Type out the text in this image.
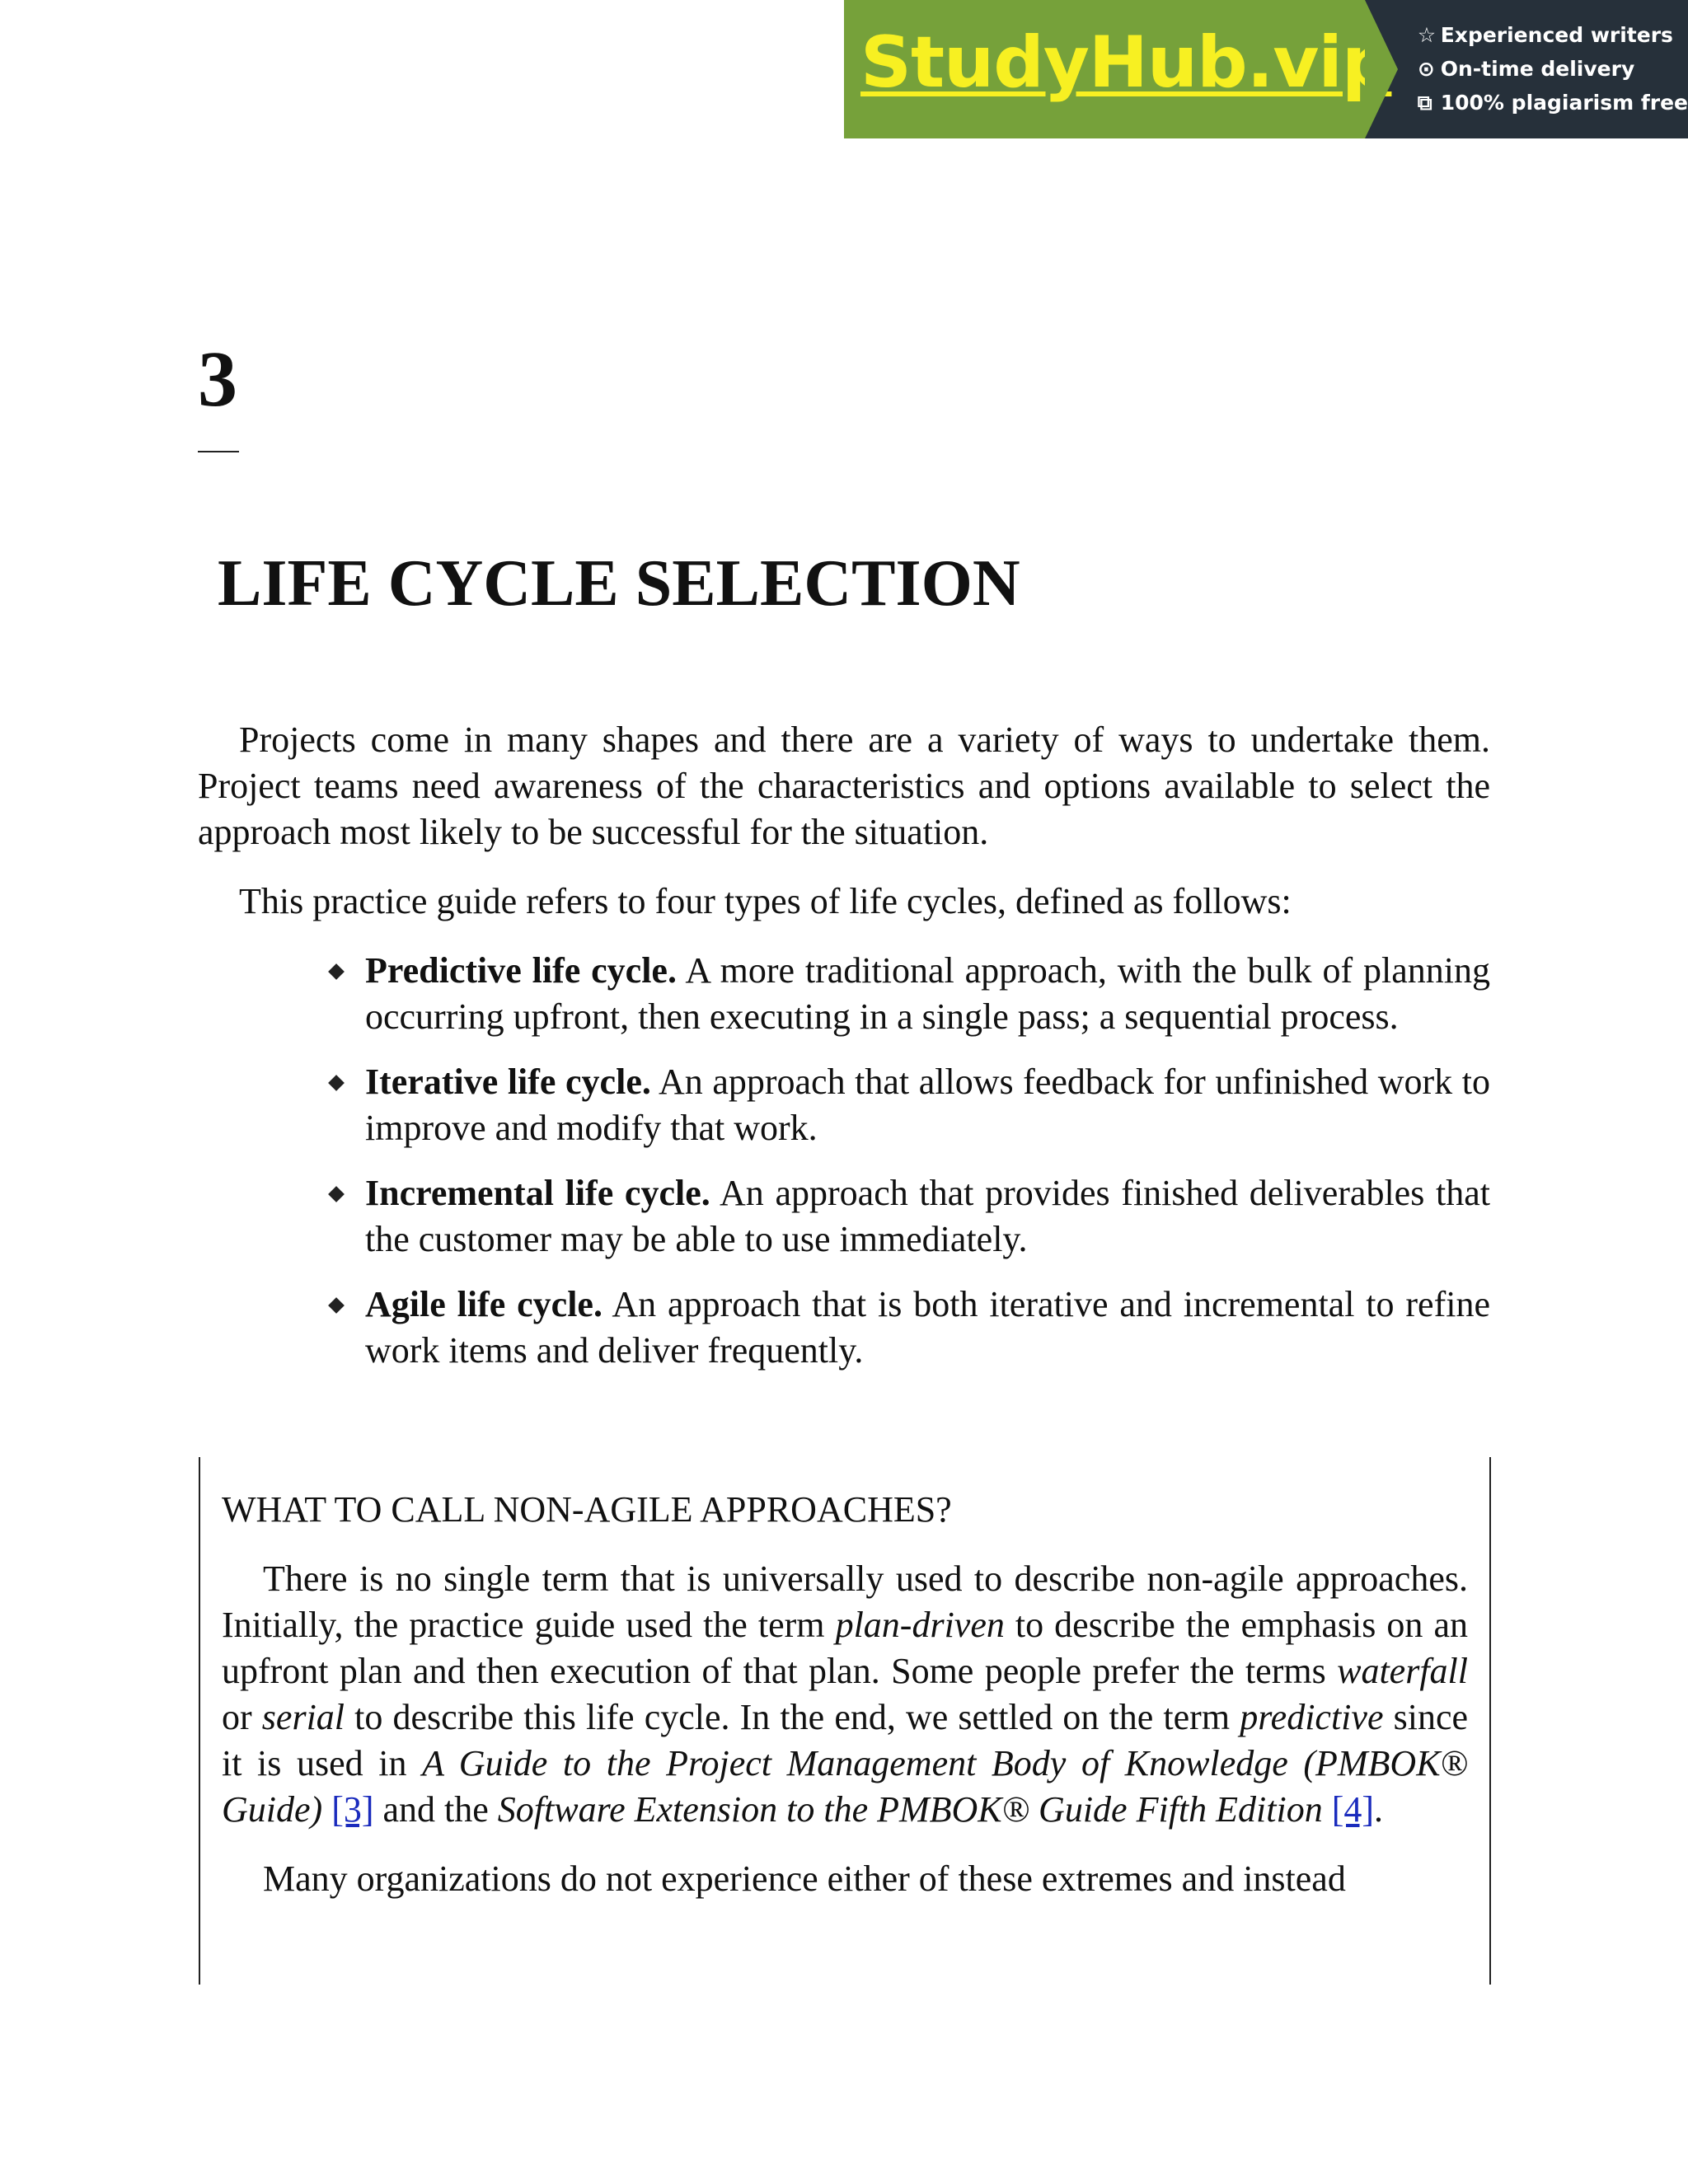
StudyHub.vip ☆ Experienced writers
⊙ On-time delivery
⧉ 100% plagiarism free
3
LIFE CYCLE SELECTION

Projects come in many shapes and there are a variety of ways to undertake them. Project teams need awareness of the characteristics and options available to select the approach most likely to be successful for the situation.

This practice guide refers to four types of life cycles, defined as follows:

Predictive life cycle. A more traditional approach, with the bulk of planning occurring upfront, then executing in a single pass; a sequential process.
Iterative life cycle. An approach that allows feedback for unfinished work to improve and modify that work.
Incremental life cycle. An approach that provides finished deliverables that the customer may be able to use immediately.
Agile life cycle. An approach that is both iterative and incremental to refine work items and deliver frequently.

WHAT TO CALL NON-AGILE APPROACHES?

There is no single term that is universally used to describe non-agile approaches. Initially, the practice guide used the term plan-driven to describe the emphasis on an upfront plan and then execution of that plan. Some people prefer the terms waterfall or serial to describe this life cycle. In the end, we settled on the term predictive since it is used in A Guide to the Project Management Body of Knowledge (PMBOK® Guide) [3] and the Software Extension to the PMBOK® Guide Fifth Edition [4].

Many organizations do not experience either of these extremes and instead
